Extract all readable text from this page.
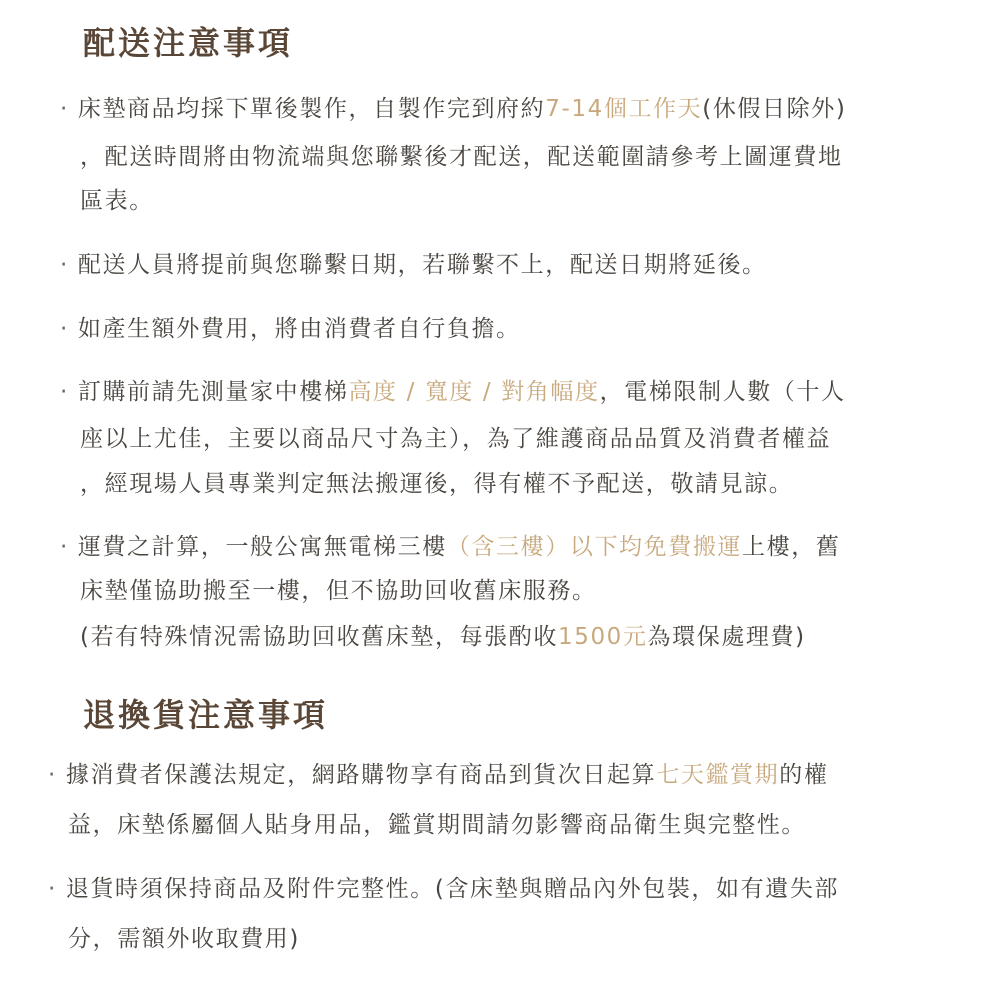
配送注意事項
· 床墊商品均採下單後製作，自製作完到府約7-14個工作天(休假日除外)
，配送時間將由物流端與您聯繫後才配送，配送範圍請參考上圖運費地
區表。
· 配送人員將提前與您聯繫日期，若聯繫不上，配送日期將延後。
· 如產生額外費用，將由消費者自行負擔。
· 訂購前請先測量家中樓梯高度 / 寬度 / 對角幅度，電梯限制人數（十人
座以上尤佳，主要以商品尺寸為主），為了維護商品品質及消費者權益
，經現場人員專業判定無法搬運後，得有權不予配送，敬請見諒。
· 運費之計算，一般公寓無電梯三樓（含三樓）以下均免費搬運上樓，舊
床墊僅協助搬至一樓，但不協助回收舊床服務。
(若有特殊情況需協助回收舊床墊，每張酌收1500元為環保處理費)
退換貨注意事項
· 據消費者保護法規定，網路購物享有商品到貨次日起算七天鑑賞期的權
益，床墊係屬個人貼身用品，鑑賞期間請勿影響商品衛生與完整性。
· 退貨時須保持商品及附件完整性。(含床墊與贈品內外包裝，如有遺失部
分，需額外收取費用)
